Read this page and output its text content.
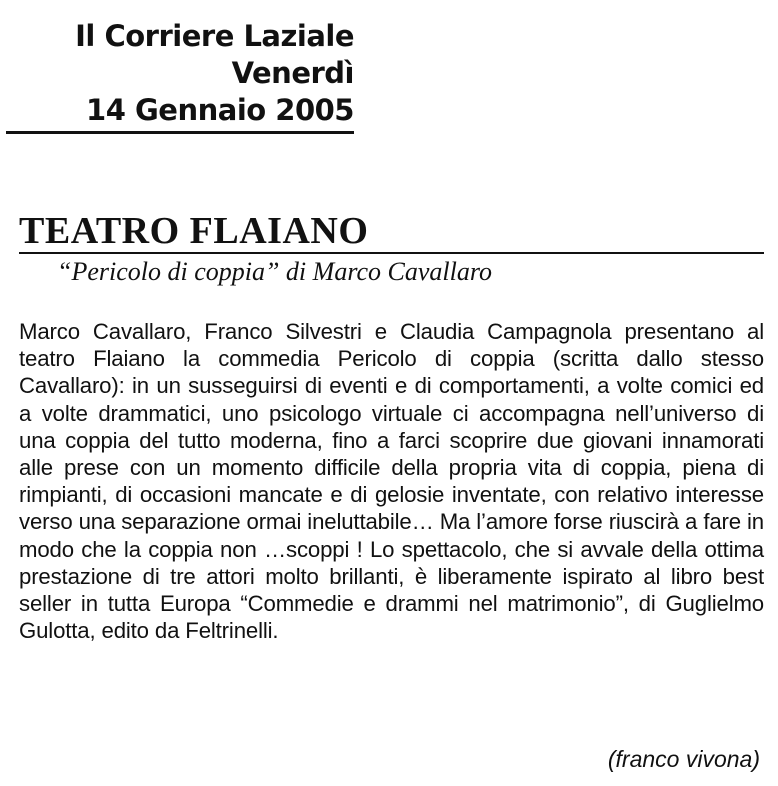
Il Corriere Laziale
Venerdì
14 Gennaio 2005
TEATRO FLAIANO
“Pericolo di coppia” di Marco Cavallaro
Marco Cavallaro, Franco Silvestri e Claudia Campagnola presentano al teatro Flaiano la commedia Pericolo di coppia (scritta dallo stesso Cavallaro): in un susseguirsi di eventi e di comportamenti, a volte comici ed a volte drammatici, uno psicologo virtuale ci accompagna nell’universo di una coppia del tutto moderna, fino a farci scoprire due giovani innamorati alle prese con un momento difficile della propria vita di coppia, piena di rimpianti, di occasioni mancate e di gelosie inventate, con relativo interesse verso una separazione ormai ineluttabile… Ma l’amore forse riuscirà a fare in modo che la coppia non …scoppi ! Lo spettacolo, che si avvale della ottima prestazione di tre attori molto brillanti, è liberamente ispirato al libro best seller in tutta Europa “Commedie e drammi nel matrimonio”, di Guglielmo Gulotta, edito da Feltrinelli.
(franco vivona)
